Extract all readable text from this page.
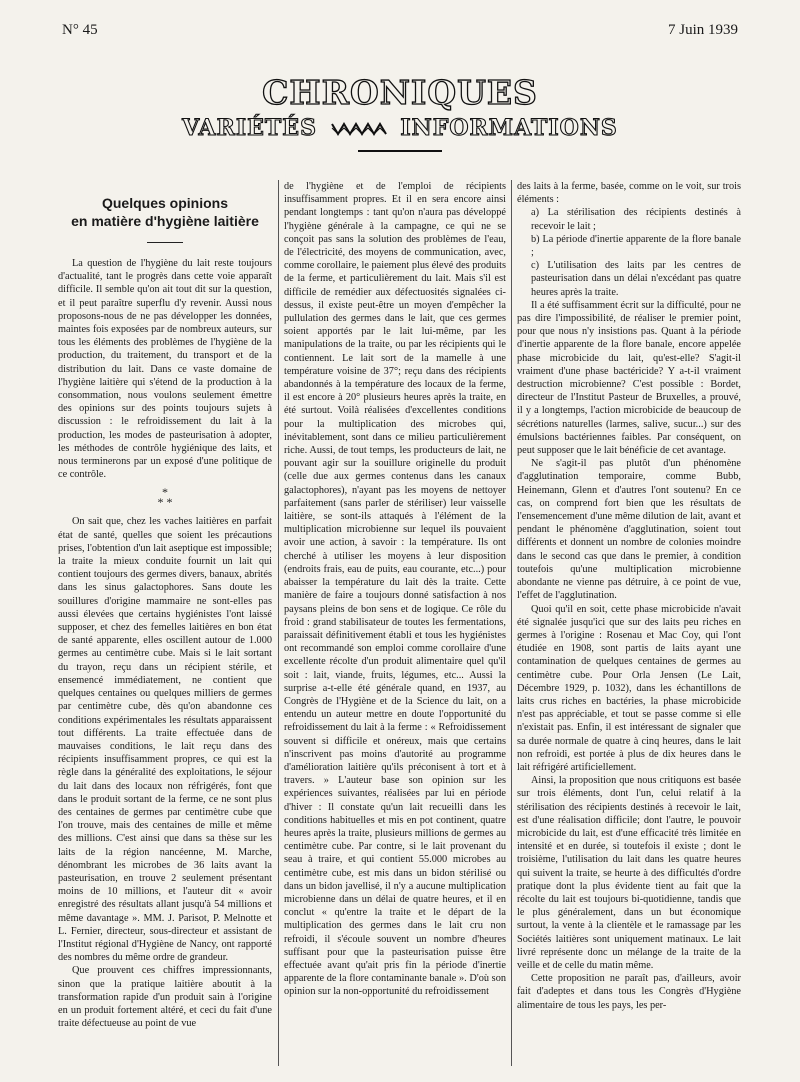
N° 45	7 Juin 1939
CHRONIQUES
VARIÉTÉS	INFORMATIONS
Quelques opinions
en matière d'hygiène laitière

La question de l'hygiène du lait reste toujours d'actualité, tant le progrès dans cette voie apparaît difficile. Il semble qu'on ait tout dit sur la question, et il peut paraître superflu d'y revenir. Aussi nous proposons-nous de ne pas développer les données, maintes fois exposées par de nombreux auteurs, sur tous les éléments des problèmes de l'hygiène de la production, du traitement, du transport et de la distribution du lait. Dans ce vaste domaine de l'hygiène laitière qui s'étend de la production à la consommation, nous voulons seulement émettre des opinions sur des points toujours sujets à discussion : le refroidissement du lait à la production, les modes de pasteurisation à adopter, les méthodes de contrôle hygiénique des laits, et nous terminerons par un exposé d'une politique de ce contrôle.

*
* *

On sait que, chez les vaches laitières en parfait état de santé, quelles que soient les précautions prises, l'obtention d'un lait aseptique est impossible; la traite la mieux conduite fournit un lait qui contient toujours des germes divers, banaux, abrités dans les sinus galactophores. Sans doute les souillures d'origine mammaire ne sont-elles pas aussi élevées que certains hygiénistes l'ont laissé supposer, et chez des femelles laitières en bon état de santé apparente, elles oscillent autour de 1.000 germes au centimètre cube. Mais si le lait sortant du trayon, reçu dans un récipient stérile, et ensemencé immédiatement, ne contient que quelques centaines ou quelques milliers de germes par centimètre cube, dès qu'on abandonne ces conditions expérimentales les résultats apparaissent tout différents. La traite effectuée dans de mauvaises conditions, le lait reçu dans des récipients insuffisamment propres, ce qui est la règle dans la généralité des exploitations, le séjour du lait dans des locaux non réfrigérés, font que dans le produit sortant de la ferme, ce ne sont plus des centaines de germes par centimètre cube que l'on trouve, mais des centaines de mille et même des millions. C'est ainsi que dans sa thèse sur les laits de la région nancéenne, M. Marche, dénombrant les microbes de 36 laits avant la pasteurisation, en trouve 2 seulement présentant moins de 10 millions, et l'auteur dit « avoir enregistré des résultats allant jusqu'à 54 millions et même davantage ». MM. J. Parisot, P. Melnotte et L. Fernier, directeur, sous-directeur et assistant de l'Institut régional d'Hygiène de Nancy, ont rapporté des nombres du même ordre de grandeur.

Que prouvent ces chiffres impressionnants, sinon que la pratique laitière aboutit à la transformation rapide d'un produit sain à l'origine en un produit fortement altéré, et ceci du fait d'une traite défectueuse au point de vue

de l'hygiène et de l'emploi de récipients insuffisamment propres. Et il en sera encore ainsi pendant longtemps : tant qu'on n'aura pas développé l'hygiène générale à la campagne, ce qui ne se conçoit pas sans la solution des problèmes de l'eau, de l'électricité, des moyens de communication, avec, comme corollaire, le paiement plus élevé des produits de la ferme, et particulièrement du lait. Mais s'il est difficile de remédier aux défectuosités signalées ci-dessus, il existe peut-être un moyen d'empêcher la pullulation des germes dans le lait, que ces germes soient apportés par le lait lui-même, par les manipulations de la traite, ou par les récipients qui le contiennent. Le lait sort de la mamelle à une température voisine de 37°; reçu dans des récipients abandonnés à la température des locaux de la ferme, il est encore à 20° plusieurs heures après la traite, en été surtout. Voilà réalisées d'excellentes conditions pour la multiplication des microbes qui, inévitablement, sont dans ce milieu particulièrement riche. Aussi, de tout temps, les producteurs de lait, ne pouvant agir sur la souillure originelle du produit (celle due aux germes contenus dans les canaux galactophores), n'ayant pas les moyens de nettoyer parfaitement (sans parler de stériliser) leur vaisselle laitière, se sont-ils attaqués à l'élément de la multiplication microbienne sur lequel ils pouvaient avoir une action, à savoir : la température. Ils ont cherché à utiliser les moyens à leur disposition (endroits frais, eau de puits, eau courante, etc...) pour abaisser la température du lait dès la traite. Cette manière de faire a toujours donné satisfaction à nos paysans pleins de bon sens et de logique. Ce rôle du froid : grand stabilisateur de toutes les fermentations, paraissait définitivement établi et tous les hygiénistes ont recommandé son emploi comme corollaire d'une excellente récolte d'un produit alimentaire quel qu'il soit : lait, viande, fruits, légumes, etc... Aussi la surprise a-t-elle été générale quand, en 1937, au Congrès de l'Hygiène et de la Science du lait, on a entendu un auteur mettre en doute l'opportunité du refroidissement du lait à la ferme : « Refroidissement souvent si difficile et onéreux, mais que certains n'inscrivent pas moins d'autorité au programme d'amélioration laitière qu'ils préconisent à tort et à travers. » L'auteur base son opinion sur les expériences suivantes, réalisées par lui en période d'hiver : Il constate qu'un lait recueilli dans les conditions habituelles et mis en pot continent, quatre heures après la traite, plusieurs millions de germes au centimètre cube. Par contre, si le lait provenant du seau à traire, et qui contient 55.000 microbes au centimètre cube, est mis dans un bidon stérilisé ou dans un bidon javellisé, il n'y a aucune multiplication microbienne dans un délai de quatre heures, et il en conclut « qu'entre la traite et le départ de la multiplication des germes dans le lait cru non refroidi, il s'écoule souvent un nombre d'heures suffisant pour que la pasteurisation puisse être effectuée avant qu'ait pris fin la période d'inertie apparente de la flore contaminante banale ». D'où son opinion sur la non-opportunité du refroidissement

des laits à la ferme, basée, comme on le voit, sur trois éléments :

a) La stérilisation des récipients destinés à recevoir le lait ;

b) La période d'inertie apparente de la flore banale ;

c) L'utilisation des laits par les centres de pasteurisation dans un délai n'excédant pas quatre heures après la traite.

Il a été suffisamment écrit sur la difficulté, pour ne pas dire l'impossibilité, de réaliser le premier point, pour que nous n'y insistions pas. Quant à la période d'inertie apparente de la flore banale, encore appelée phase microbicide du lait, qu'est-elle? S'agit-il vraiment d'une phase bactéricide? Y a-t-il vraiment destruction microbienne? C'est possible : Bordet, directeur de l'Institut Pasteur de Bruxelles, a prouvé, il y a longtemps, l'action microbicide de beaucoup de sécrétions naturelles (larmes, salive, sucur...) sur des émulsions bactériennes faibles. Par conséquent, on peut supposer que le lait bénéficie de cet avantage.

Ne s'agit-il pas plutôt d'un phénomène d'agglutination temporaire, comme Bubb, Heinemann, Glenn et d'autres l'ont soutenu? En ce cas, on comprend fort bien que les résultats de l'ensemencement d'une même dilution de lait, avant et pendant le phénomène d'agglutination, soient tout différents et donnent un nombre de colonies moindre dans le second cas que dans le premier, à condition toutefois qu'une multiplication microbienne abondante ne vienne pas détruire, à ce point de vue, l'effet de l'agglutination.

Quoi qu'il en soit, cette phase microbicide n'avait été signalée jusqu'ici que sur des laits peu riches en germes à l'origine : Rosenau et Mac Coy, qui l'ont étudiée en 1908, sont partis de laits ayant une contamination de quelques centaines de germes au centimètre cube. Pour Orla Jensen (Le Lait, Décembre 1929, p. 1032), dans les échantillons de laits crus riches en bactéries, la phase microbicide n'est pas appréciable, et tout se passe comme si elle n'existait pas. Enfin, il est intéressant de signaler que sa durée normale de quatre à cinq heures, dans le lait non refroidi, est portée à plus de dix heures dans le lait réfrigéré artificiellement.

Ainsi, la proposition que nous critiquons est basée sur trois éléments, dont l'un, celui relatif à la stérilisation des récipients destinés à recevoir le lait, est d'une réalisation difficile; dont l'autre, le pouvoir microbicide du lait, est d'une efficacité très limitée en intensité et en durée, si toutefois il existe ; dont le troisième, l'utilisation du lait dans les quatre heures qui suivent la traite, se heurte à des difficultés d'ordre pratique dont la plus évidente tient au fait que la récolte du lait est toujours bi-quotidienne, tandis que le plus généralement, dans un but économique surtout, la vente à la clientèle et le ramassage par les Sociétés laitières sont uniquement matinaux. Le lait livré représente donc un mélange de la traite de la veille et de celle du matin même.

Cette proposition ne paraît pas, d'ailleurs, avoir fait d'adeptes et dans tous les Congrès d'Hygiène alimentaire de tous les pays, les per-
